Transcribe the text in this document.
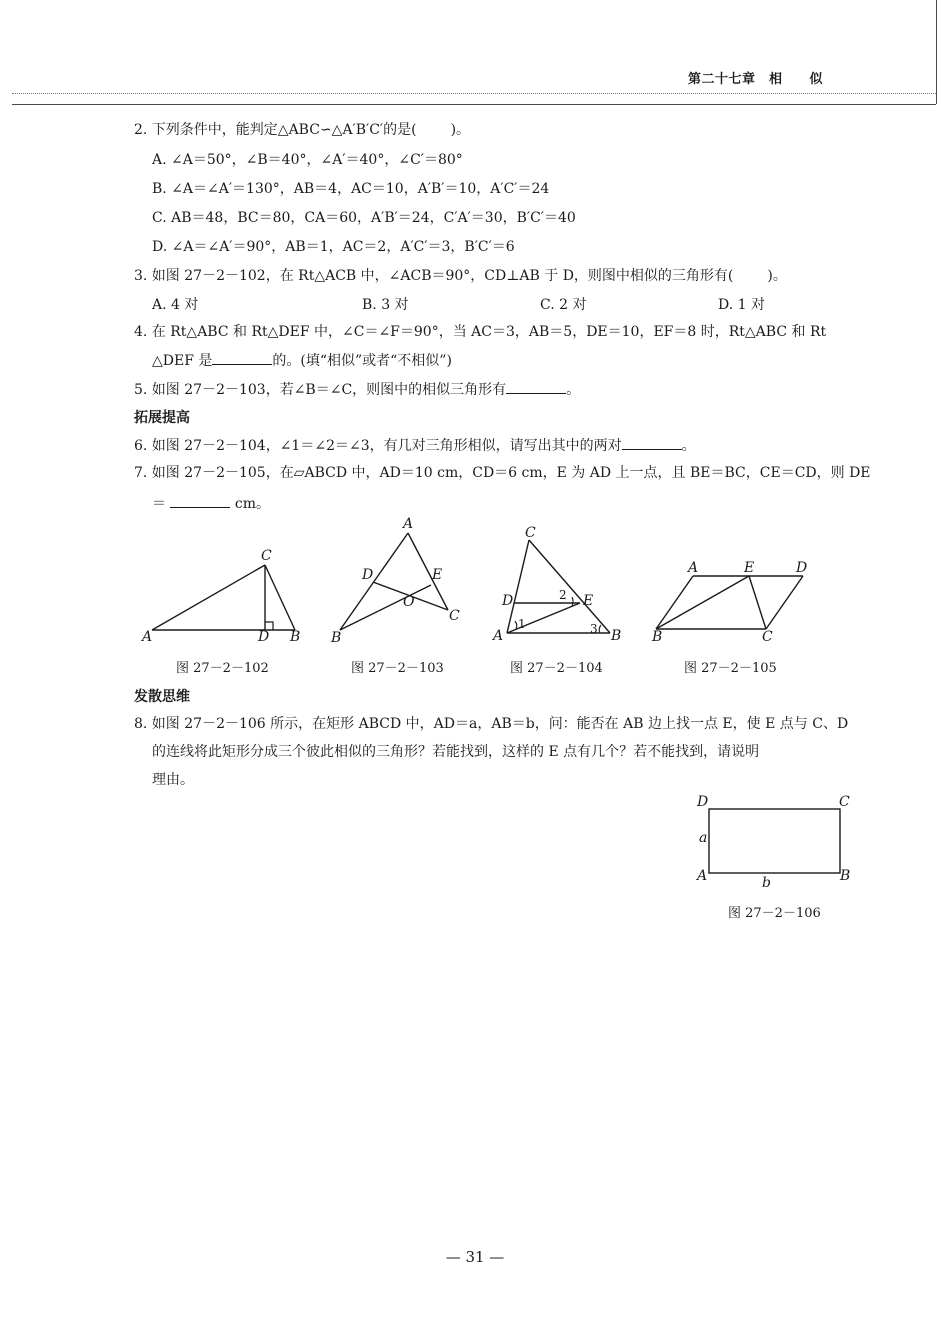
第二十七章　相　　似
2. 下列条件中，能判定△ABC∽△A′B′C′的是( )。
A. ∠A＝50°，∠B＝40°，∠A′＝40°，∠C′＝80°
B. ∠A＝∠A′＝130°，AB＝4，AC＝10，A′B′＝10，A′C′＝24
C. AB＝48，BC＝80，CA＝60，A′B′＝24，C′A′＝30，B′C′＝40
D. ∠A＝∠A′＝90°，AB＝1，AC＝2，A′C′＝3，B′C′＝6
3. 如图 27－2－102，在 Rt△ACB 中，∠ACB＝90°，CD⊥AB 于 D，则图中相似的三角形有( )。
A. 4 对	B. 3 对	C. 2 对	D. 1 对
4. 在 Rt△ABC 和 Rt△DEF 中，∠C＝∠F＝90°，当 AC＝3，AB＝5，DE＝10，EF＝8 时，Rt△ABC 和 Rt
△DEF 是	的。(填“相似”或者“不相似”)
5. 如图 27－2－103，若∠B＝∠C，则图中的相似三角形有	。
拓展提高
6. 如图 27－2－104，∠1＝∠2＝∠3，有几对三角形相似，请写出其中的两对	。
7. 如图 27－2－105，在▱ABCD 中，AD＝10 cm，CD＝6 cm，E 为 AD 上一点，且 BE＝BC，CE＝CD，则 DE
＝	cm。
A	D B
C
图 27－2－102
A
D	E
O
C
B
图 27－2－103
C
D	E
A	B
1
2
3
图 27－2－104
A	E	D
B	C
图 27－2－105
发散思维
8. 如图 27－2－106 所示，在矩形 ABCD 中，AD＝a，AB＝b，问：能否在 AB 边上找一点 E，使 E 点与 C、D
的连线将此矩形分成三个彼此相似的三角形？若能找到，这样的 E 点有几个？若不能找到，请说明
理由。
D	C
A	B
a
b
图 27－2－106
— 31 —
